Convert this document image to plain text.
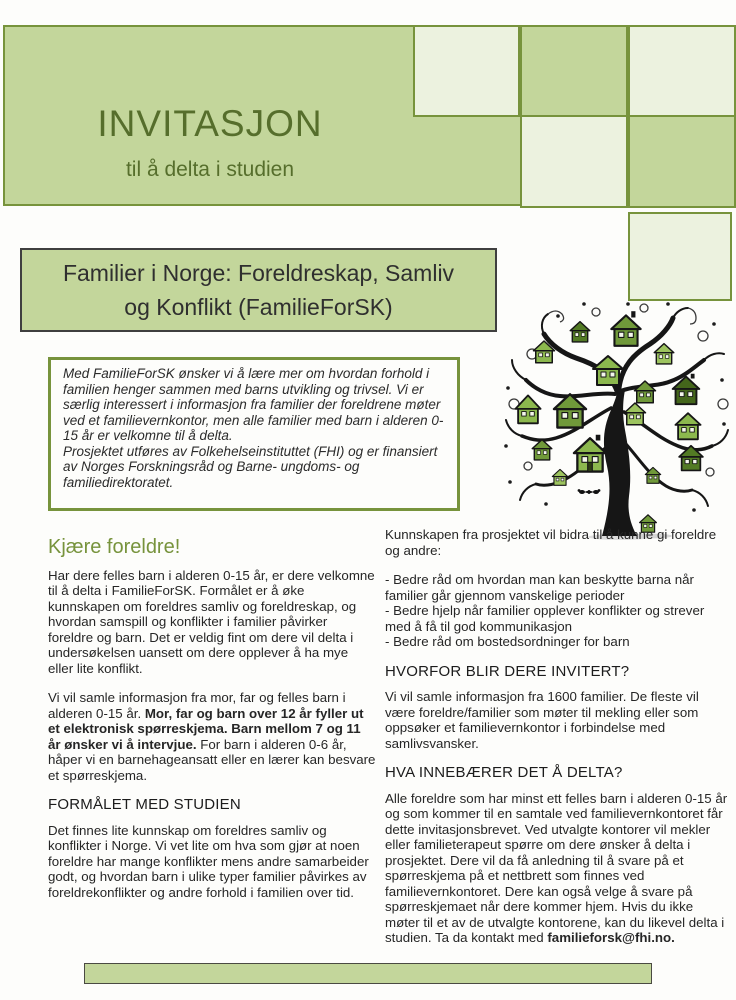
INVITASJON
til å delta i studien
Familier i Norge: Foreldreskap, Samliv
og Konflikt (FamilieForSK)
Med FamilieForSK ønsker vi å lære mer om hvordan forhold i familien henger sammen med barns utvikling og trivsel. Vi er særlig interessert i informasjon fra familier der foreldrene møter ved et familievernkontor, men alle familier med barn i alderen 0-15 år er velkomne til å delta.
Prosjektet utføres av Folkehelseinstituttet (FHI) og er finansiert av Norges Forskningsråd og Barne- ungdoms- og familiedirektoratet.
Kjære foreldre!

Har dere felles barn i alderen 0-15 år, er dere velkomne til å delta i FamilieForSK. Formålet er å øke kunnskapen om foreldres samliv og foreldreskap, og hvordan samspill og konflikter i familier påvirker foreldre og barn. Det er veldig fint om dere vil delta i undersøkelsen uansett om dere opplever å ha mye eller lite konflikt.

Vi vil samle informasjon fra mor, far og felles barn i alderen 0-15 år. Mor, far og barn over 12 år fyller ut et elektronisk spørreskjema. Barn mellom 7 og 11 år ønsker vi å intervjue. For barn i alderen 0-6 år, håper vi en barnehageansatt eller en lærer kan besvare et spørreskjema.

FORMÅLET MED STUDIEN

Det finnes lite kunnskap om foreldres samliv og konflikter i Norge. Vi vet lite om hva som gjør at noen foreldre har mange konflikter mens andre samarbeider godt, og hvordan barn i ulike typer familier påvirkes av foreldrekonflikter og andre forhold i familien over tid.

Kunnskapen fra prosjektet vil bidra til å kunne gi foreldre og andre:

- Bedre råd om hvordan man kan beskytte barna når familier går gjennom vanskelige perioder
- Bedre hjelp når familier opplever konflikter og strever med å få til god kommunikasjon
- Bedre råd om bostedsordninger for barn
HVORFOR BLIR DERE INVITERT?

Vi vil samle informasjon fra 1600 familier. De fleste vil være foreldre/familier som møter til mekling eller som oppsøker et familievernkontor i forbindelse med samlivsvansker.

HVA INNEBÆRER DET Å DELTA?

Alle foreldre som har minst ett felles barn i alderen 0-15 år og som kommer til en samtale ved familievernkontoret får dette invitasjonsbrevet. Ved utvalgte kontorer vil mekler eller familieterapeut spørre om dere ønsker å delta i prosjektet. Dere vil da få anledning til å svare på et spørreskjema på et nettbrett som finnes ved familievernkontoret. Dere kan også velge å svare på spørreskjemaet når dere kommer hjem. Hvis du ikke møter til et av de utvalgte kontorene, kan du likevel delta i studien. Ta da kontakt med familieforsk@fhi.no.
